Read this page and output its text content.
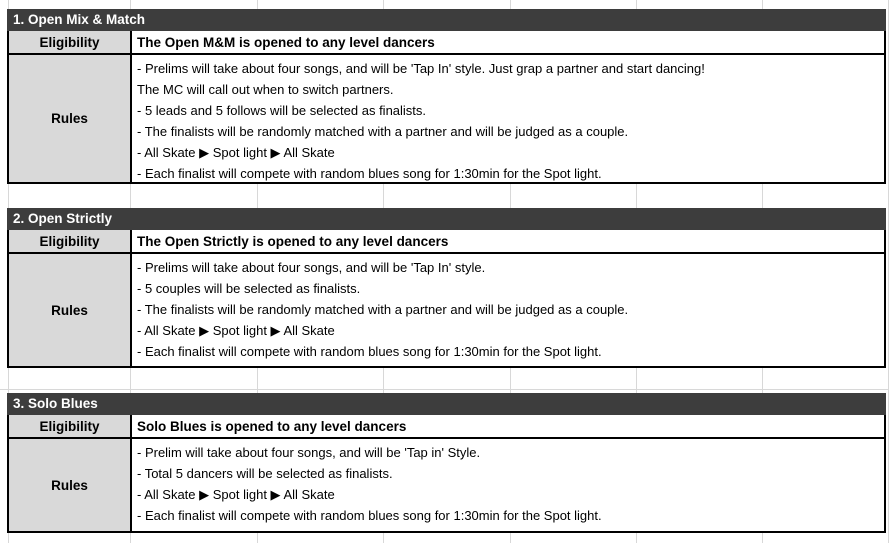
1. Open Mix & Match
Eligibility	The Open M&M is opened to any level dancers
Rules
- Prelims will take about four songs, and will be 'Tap In' style. Just grap a partner and start dancing!
The MC will call out when to switch partners.
- 5 leads and 5 follows will be selected as finalists.
- The finalists will be randomly matched with a partner and will be judged as a couple.
- All Skate ▶ Spot light ▶ All Skate
- Each finalist will compete with random blues song for 1:30min for the Spot light.
2. Open Strictly
Eligibility	The Open Strictly is opened to any level dancers
Rules
- Prelims will take about four songs, and will be 'Tap In' style.
- 5 couples will be selected as finalists.
- The finalists will be randomly matched with a partner and will be judged as a couple.
- All Skate ▶ Spot light ▶ All Skate
- Each finalist will compete with random blues song for 1:30min for the Spot light.
3. Solo Blues
Eligibility	Solo Blues is opened to any level dancers
Rules
- Prelim will take about four songs, and will be 'Tap in' Style.
- Total 5 dancers will be selected as finalists.
- All Skate ▶ Spot light ▶ All Skate
- Each finalist will compete with random blues song for 1:30min for the Spot light.
